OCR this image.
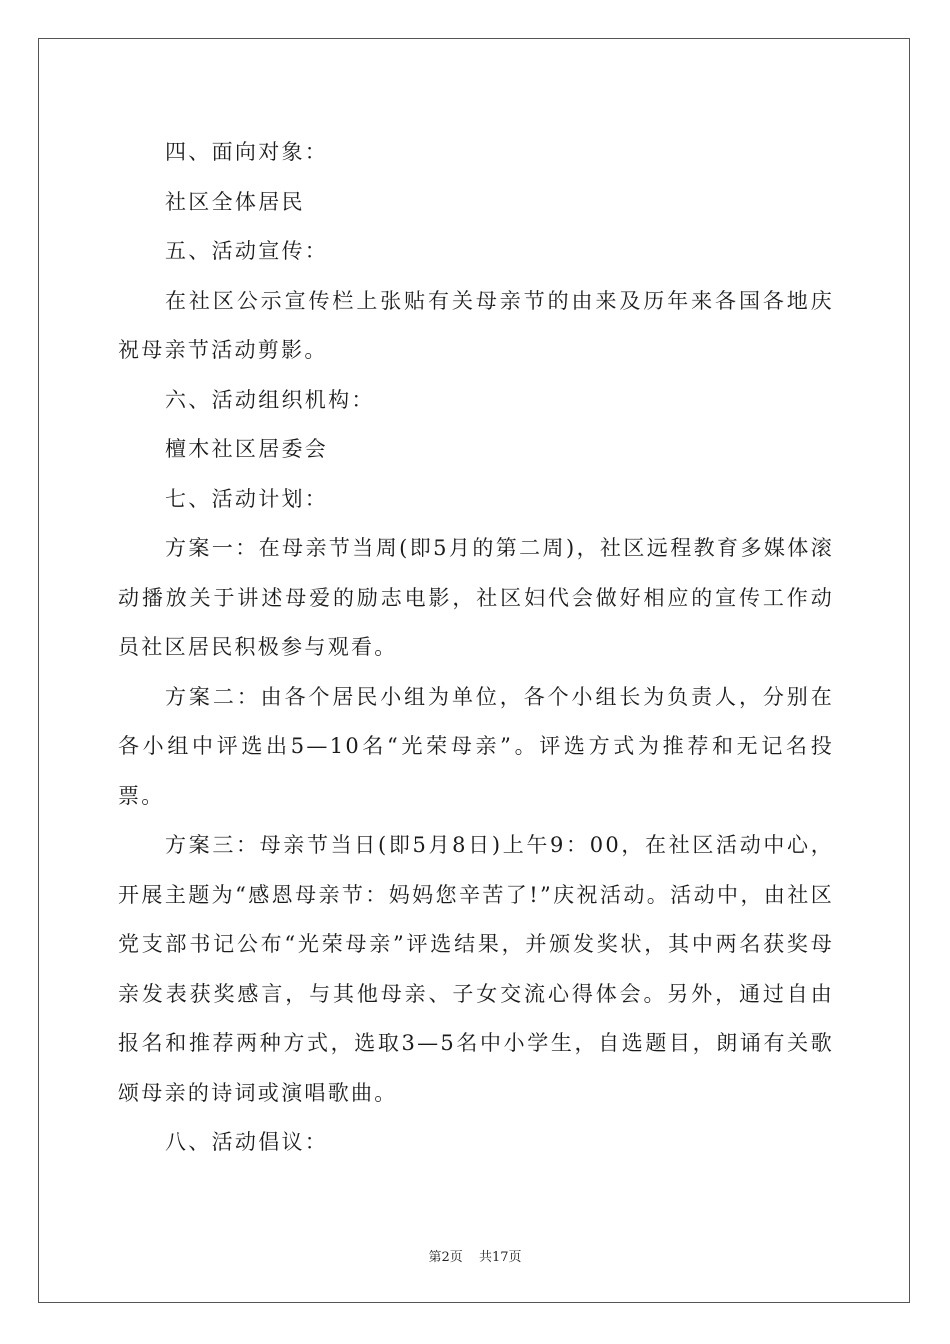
四、面向对象：

社区全体居民

五、活动宣传：

在社区公示宣传栏上张贴有关母亲节的由来及历年来各国各地庆祝母亲节活动剪影。

六、活动组织机构：

檀木社区居委会

七、活动计划：

方案一：在母亲节当周(即5月的第二周)，社区远程教育多媒体滚动播放关于讲述母爱的励志电影，社区妇代会做好相应的宣传工作动员社区居民积极参与观看。

方案二：由各个居民小组为单位，各个小组长为负责人，分别在各小组中评选出5—10名“光荣母亲”。评选方式为推荐和无记名投票。

方案三：母亲节当日(即5月8日)上午9：00，在社区活动中心，开展主题为“感恩母亲节：妈妈您辛苦了!”庆祝活动。活动中，由社区党支部书记公布“光荣母亲”评选结果，并颁发奖状，其中两名获奖母亲发表获奖感言，与其他母亲、子女交流心得体会。另外，通过自由报名和推荐两种方式，选取3—5名中小学生，自选题目，朗诵有关歌颂母亲的诗词或演唱歌曲。

八、活动倡议：

第2页 共17页
